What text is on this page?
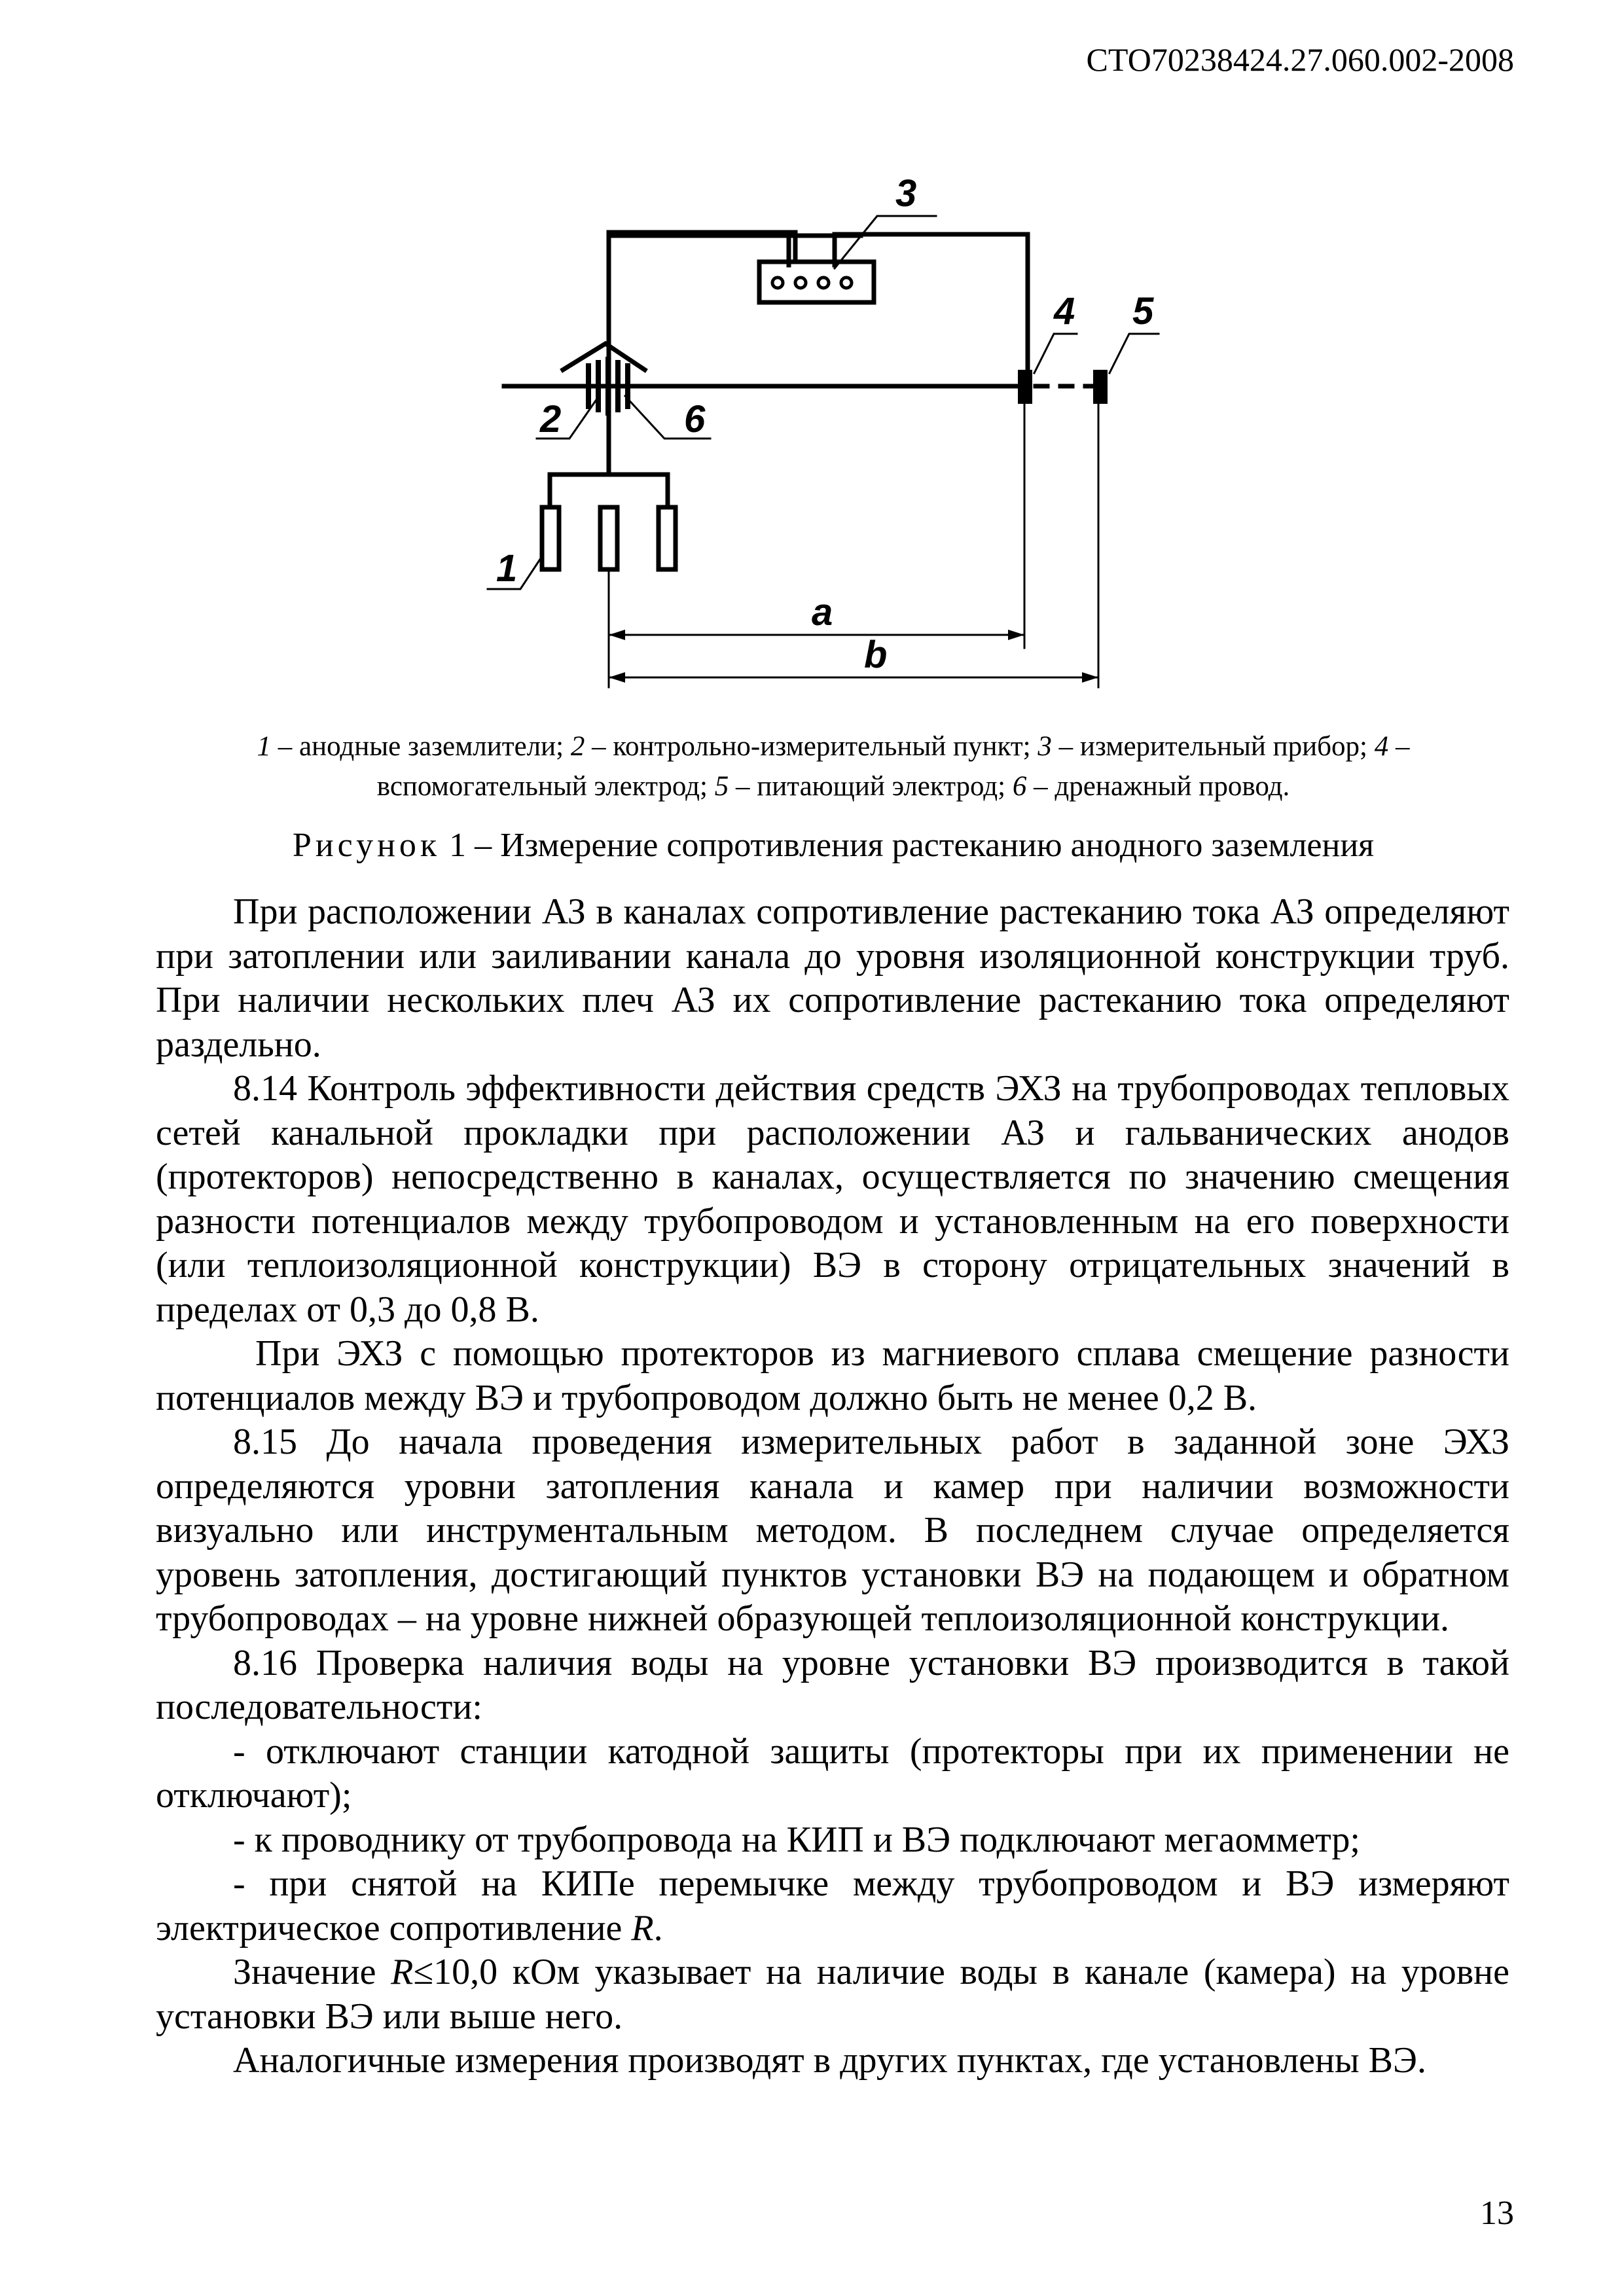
СТО70238424.27.060.002-2008
3
4 5
2	6
1
a
b
1 – анодные заземлители; 2 – контрольно-измерительный пункт; 3 – измерительный прибор; 4 – вспомогательный электрод; 5 – питающий электрод; 6 – дренажный провод.
Рисунок 1 – Измерение сопротивления растеканию анодного заземления

При расположении АЗ в каналах сопротивление растеканию тока АЗ определяют при затоплении или заиливании канала до уровня изоляционной конструкции труб. При наличии нескольких плеч АЗ их сопротивление растеканию тока определяют раздельно.

8.14 Контроль эффективности действия средств ЭХЗ на трубопроводах тепловых сетей канальной прокладки при расположении АЗ и гальванических анодов (протекторов) непосредственно в каналах, осуществляется по значению смещения разности потенциалов между трубопроводом и установленным на его поверхности (или теплоизоляционной конструкции) ВЭ в сторону отрицательных значений в пределах от 0,3 до 0,8 В.

При ЭХЗ с помощью протекторов из магниевого сплава смещение разности потенциалов между ВЭ и трубопроводом должно быть не менее 0,2 В.

8.15 До начала проведения измерительных работ в заданной зоне ЭХЗ определяются уровни затопления канала и камер при наличии возможности визуально или инструментальным методом. В последнем случае определяется уровень затопления, достигающий пунктов установки ВЭ на подающем и обратном трубопроводах – на уровне нижней образующей теплоизоляционной конструкции.

8.16 Проверка наличия воды на уровне установки ВЭ производится в такой последовательности:

- отключают станции катодной защиты (протекторы при их применении не отключают);

- к проводнику от трубопровода на КИП и ВЭ подключают мегаомметр;

- при снятой на КИПе перемычке между трубопроводом и ВЭ измеряют электрическое сопротивление R.

Значение R≤10,0 кОм указывает на наличие воды в канале (камера) на уровне установки ВЭ или выше него.

Аналогичные измерения производят в других пунктах, где установлены ВЭ.

13
